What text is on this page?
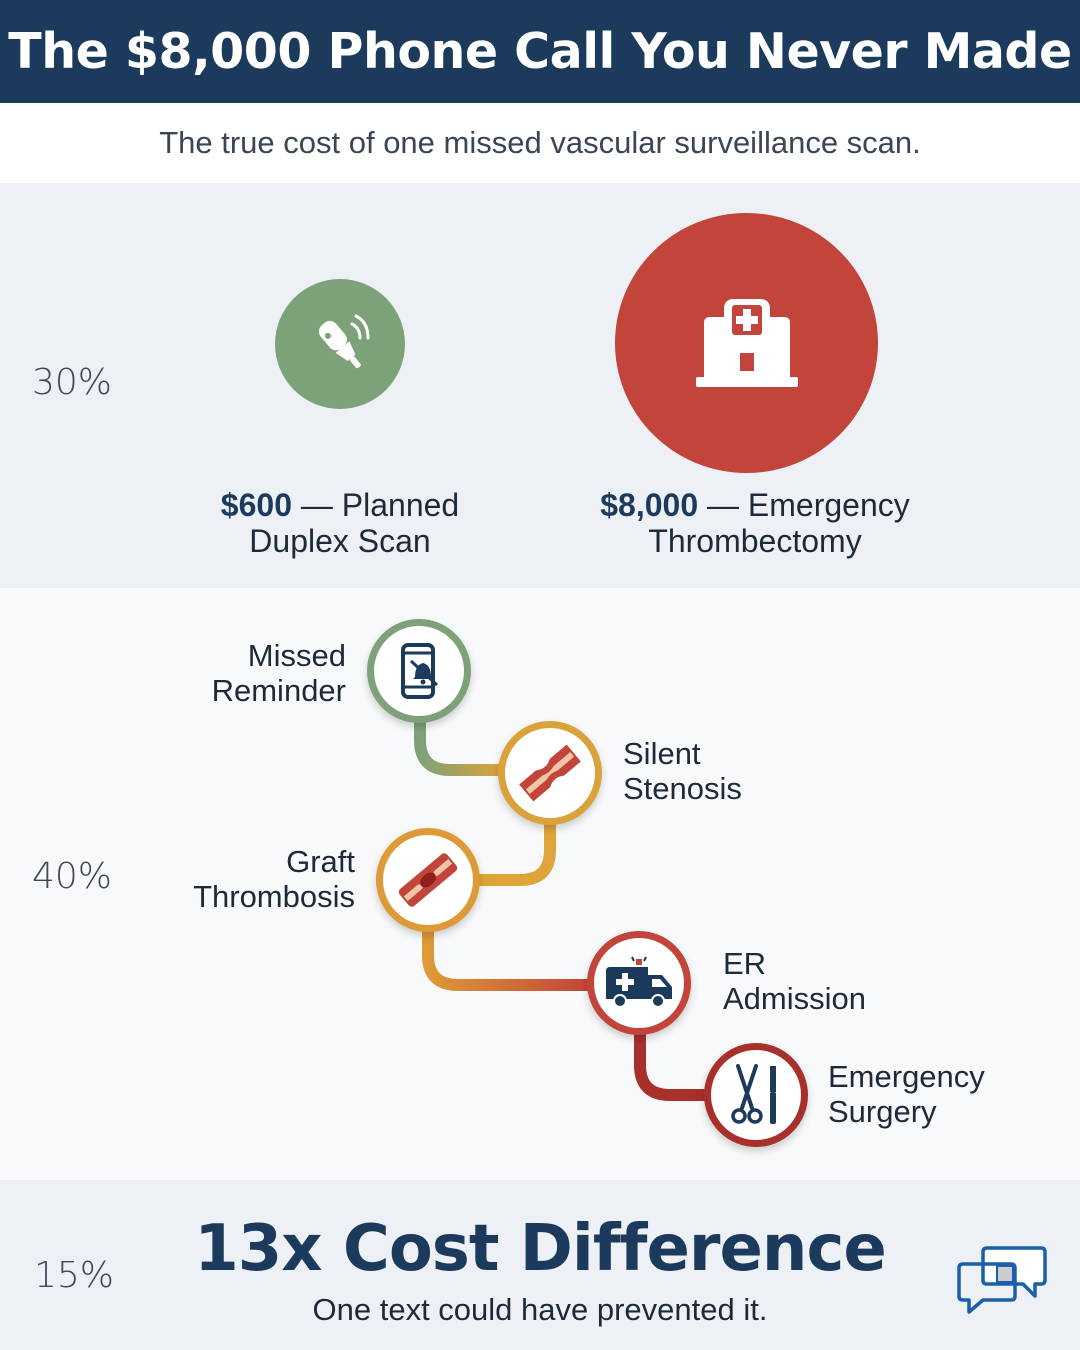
The $8,000 Phone Call You Never Made
The true cost of one missed vascular surveillance scan.
30%
40%
15%
$600 — Planned
Duplex Scan
$8,000 — Emergency
Thrombectomy
Missed
Reminder
Silent
Stenosis
Graft
Thrombosis
ER
Admission
Emergency
Surgery
13x Cost Difference
One text could have prevented it.
